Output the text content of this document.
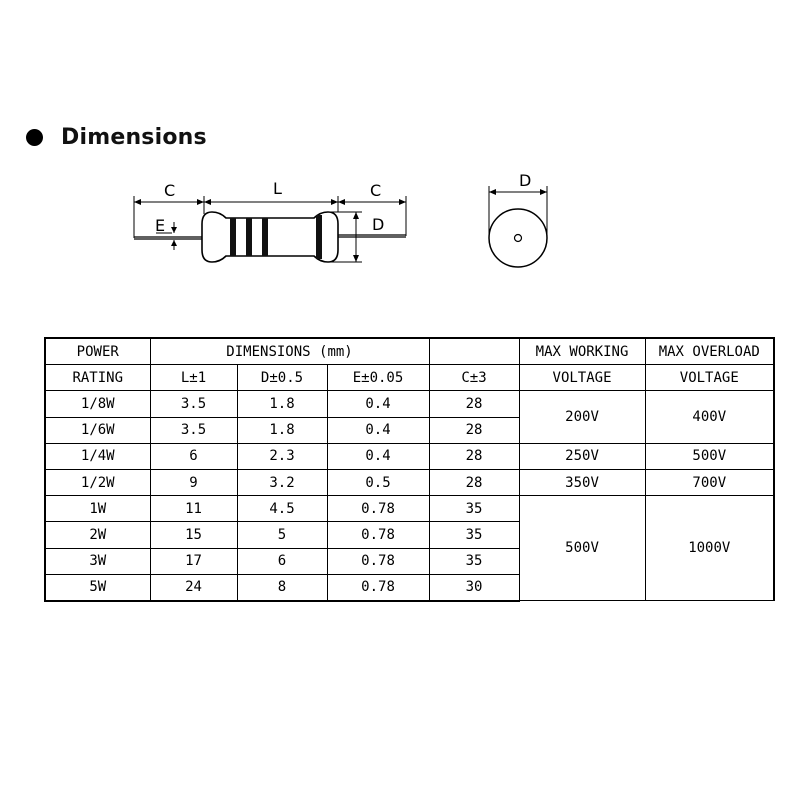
Dimensions
C	L	C
E	D
D
POWER	DIMENSIONS (mm)				MAX WORKING	MAX OVERLOAD
RATING	L±1	D±0.5	E±0.05	C±3	VOLTAGE	VOLTAGE
1/8W	3.5	1.8	0.4	28	200V	400V
1/6W	3.5	1.8	0.4	28		
1/4W	6	2.3	0.4	28	250V	500V
1/2W	9	3.2	0.5	28	350V	700V
1W	11	4.5	0.78	35	500V	1000V
2W	15	5	0.78	35		
3W	17	6	0.78	35		
5W	24	8	0.78	30		
